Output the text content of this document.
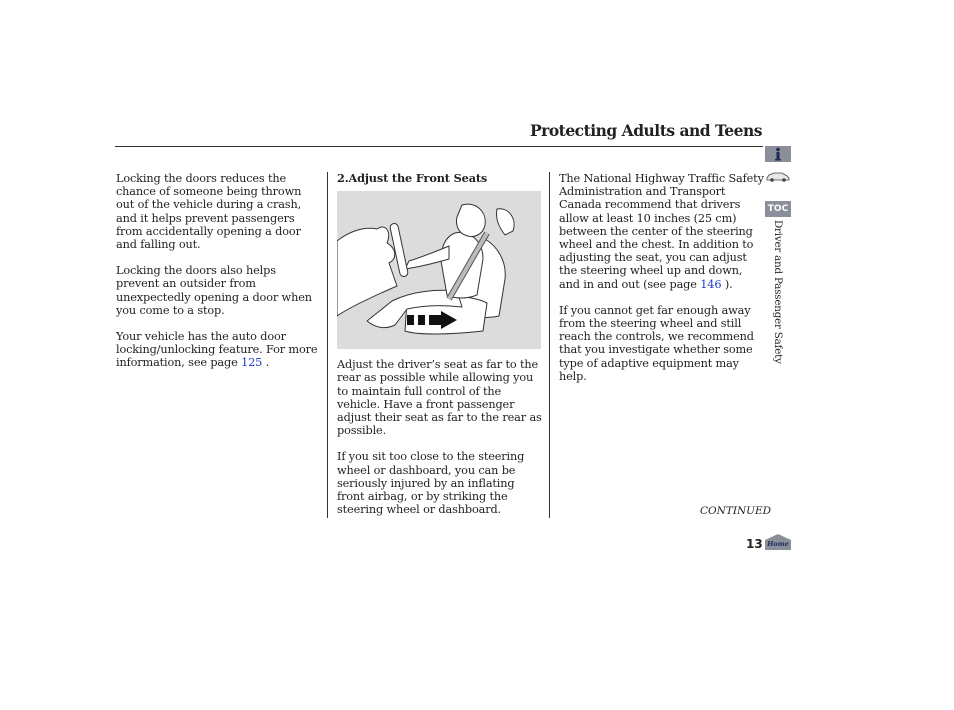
Protecting Adults and Teens

Locking the doors reduces the chance of someone being thrown out of the vehicle during a crash, and it helps prevent passengers from accidentally opening a door and falling out.

Locking the doors also helps prevent an outsider from unexpectedly opening a door when you come to a stop.

Your vehicle has the auto door locking/unlocking feature. For more information, see page 125 .

2.Adjust the Front Seats

Adjust the driver’s seat as far to the rear as possible while allowing you to maintain full control of the vehicle. Have a front passenger adjust their seat as far to the rear as possible.

If you sit too close to the steering wheel or dashboard, you can be seriously injured by an inflating front airbag, or by striking the steering wheel or dashboard.

The National Highway Traffic Safety Administration and Transport Canada recommend that drivers allow at least 10 inches (25 cm) between the center of the steering wheel and the chest. In addition to adjusting the seat, you can adjust the steering wheel up and down, and in and out (see page 146 ).

If you cannot get far enough away from the steering wheel and still reach the controls, we recommend that you investigate whether some type of adaptive equipment may help.

TOC
Driver and Passenger Safety
CONTINUED
13 Home
